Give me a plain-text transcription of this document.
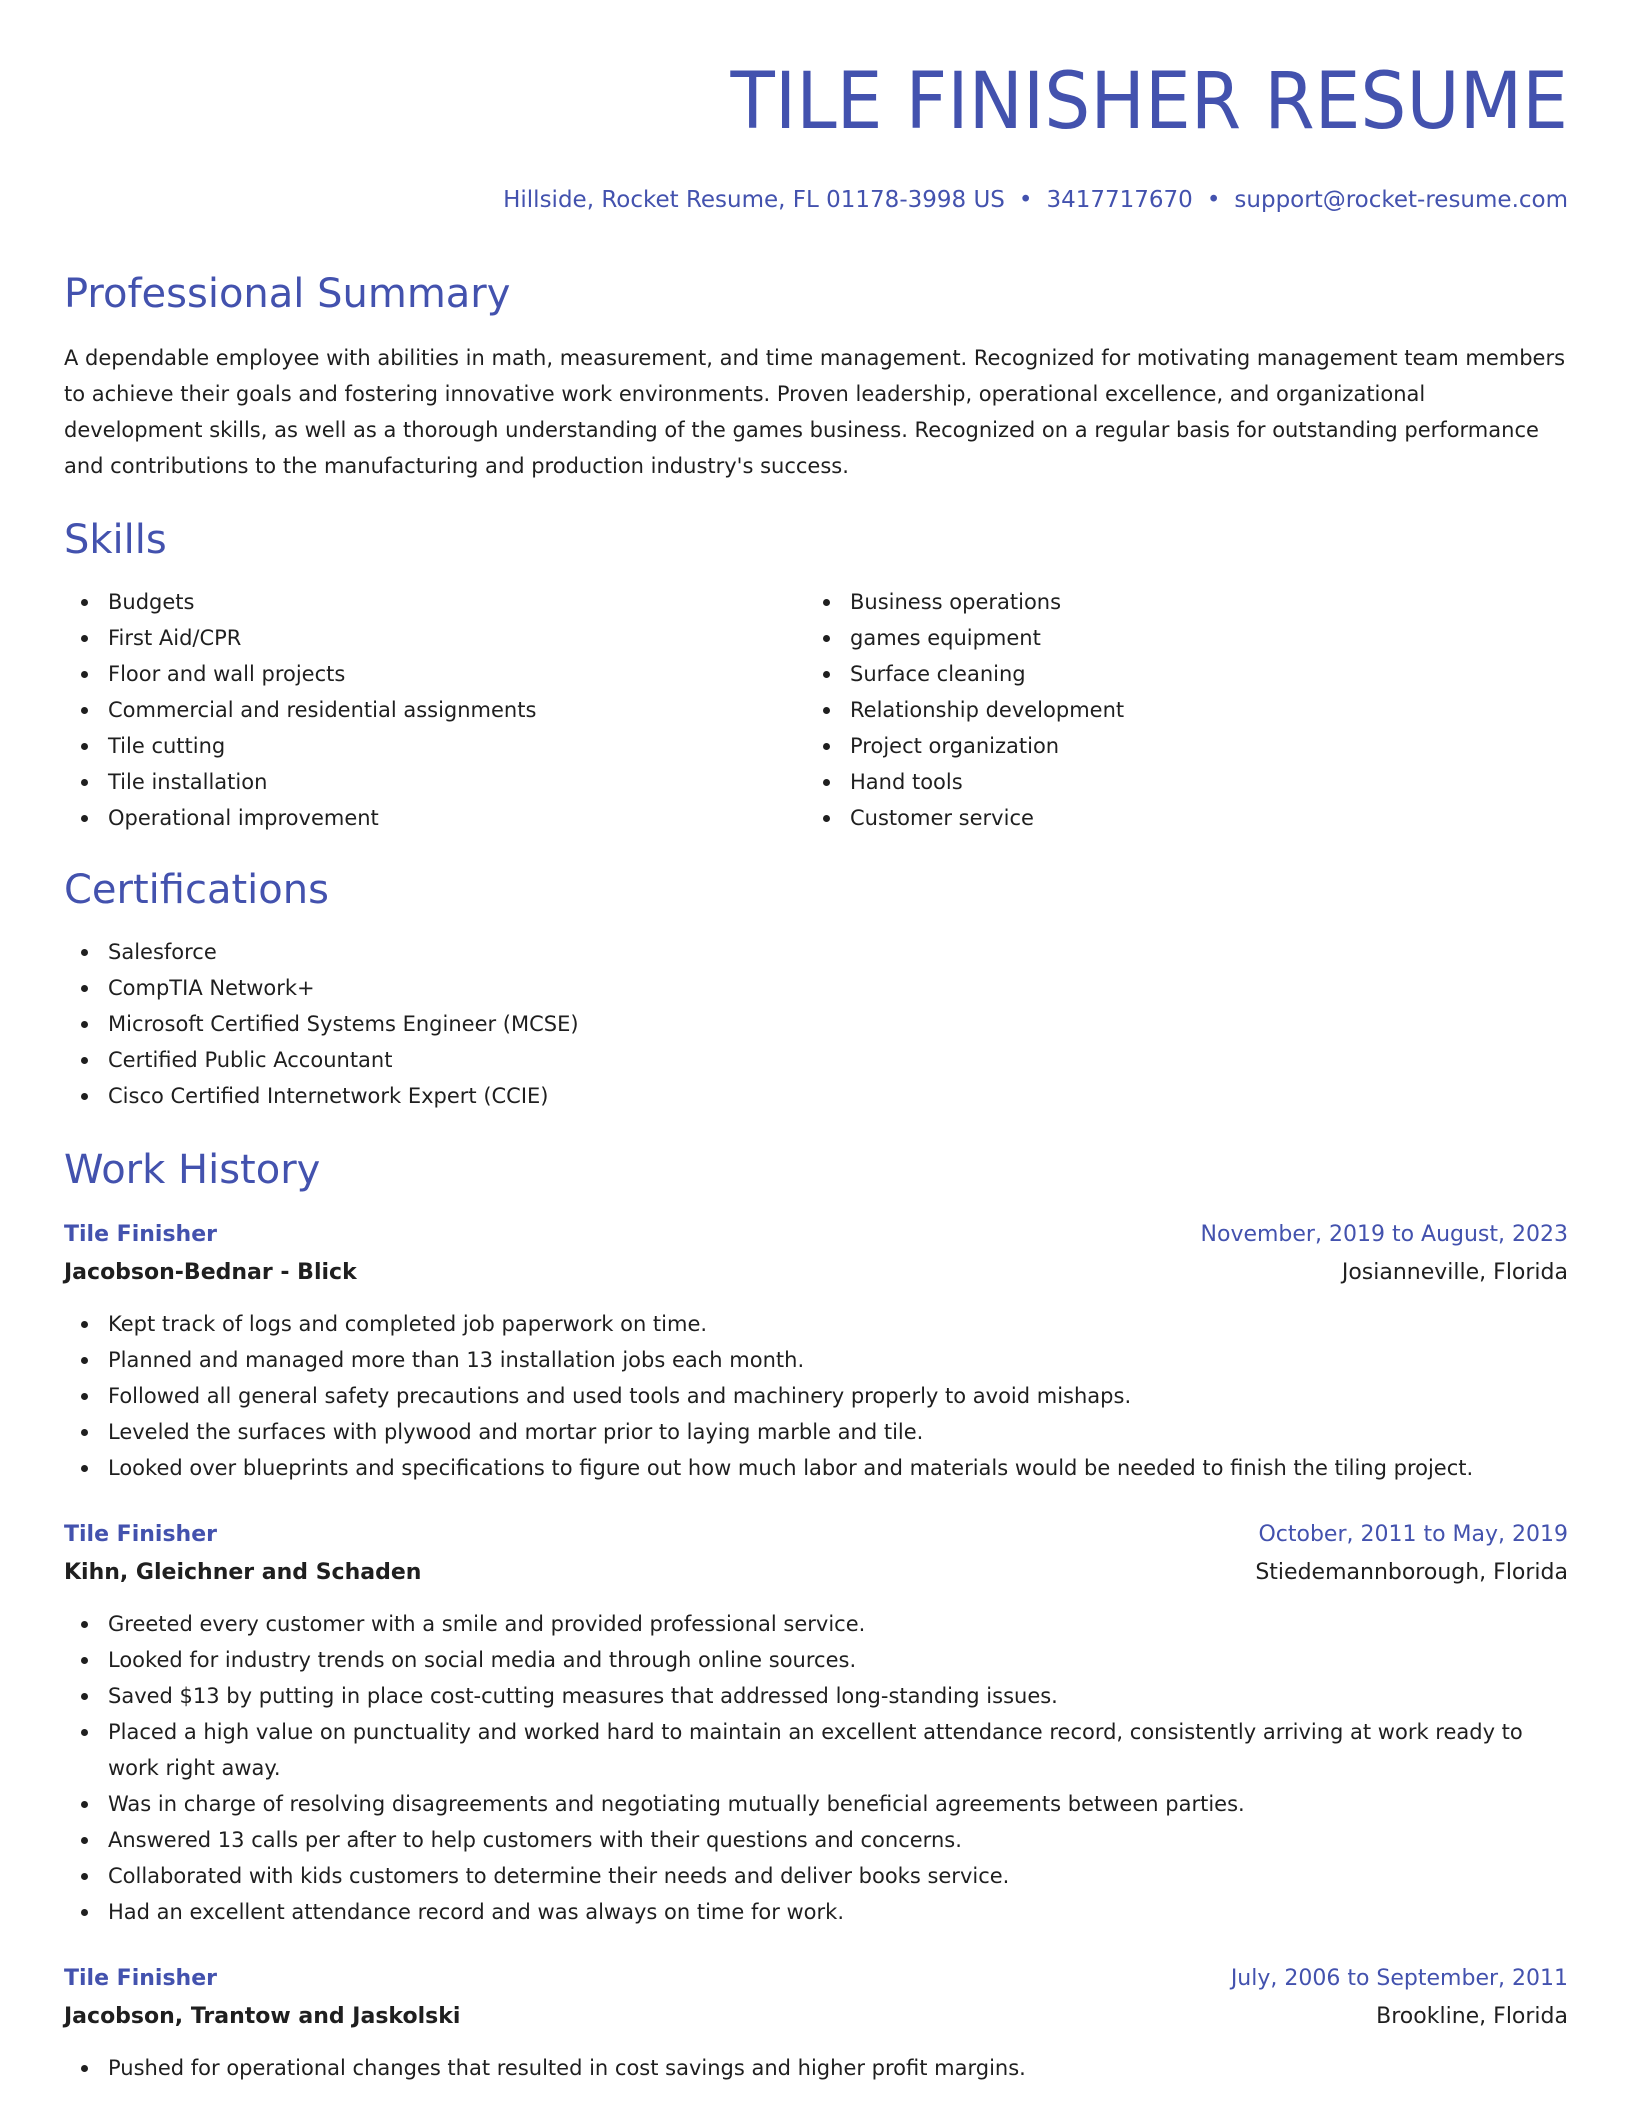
TILE FINISHER RESUME
Hillside, Rocket Resume, FL 01178-3998 US • 3417717670 • support@rocket-resume.com
Professional Summary

A dependable employee with abilities in math, measurement, and time management. Recognized for motivating management team members to achieve their goals and fostering innovative work environments. Proven leadership, operational excellence, and organizational development skills, as well as a thorough understanding of the games business. Recognized on a regular basis for outstanding performance and contributions to the manufacturing and production industry's success.

Skills
Budgets
First Aid/CPR
Floor and wall projects
Commercial and residential assignments
Tile cutting
Tile installation
Operational improvement
Business operations
games equipment
Surface cleaning
Relationship development
Project organization
Hand tools
Customer service
Certifications
Salesforce
CompTIA Network+
Microsoft Certified Systems Engineer (MCSE)
Certified Public Accountant
Cisco Certified Internetwork Expert (CCIE)
Work History
Tile Finisher	November, 2019 to August, 2023
Jacobson-Bednar - Blick	Josianneville, Florida
Kept track of logs and completed job paperwork on time.
Planned and managed more than 13 installation jobs each month.
Followed all general safety precautions and used tools and machinery properly to avoid mishaps.
Leveled the surfaces with plywood and mortar prior to laying marble and tile.
Looked over blueprints and specifications to figure out how much labor and materials would be needed to finish the tiling project.
Tile Finisher	October, 2011 to May, 2019
Kihn, Gleichner and Schaden	Stiedemannborough, Florida
Greeted every customer with a smile and provided professional service.
Looked for industry trends on social media and through online sources.
Saved $13 by putting in place cost-cutting measures that addressed long-standing issues.
Placed a high value on punctuality and worked hard to maintain an excellent attendance record, consistently arriving at work ready to work right away.
Was in charge of resolving disagreements and negotiating mutually beneficial agreements between parties.
Answered 13 calls per after to help customers with their questions and concerns.
Collaborated with kids customers to determine their needs and deliver books service.
Had an excellent attendance record and was always on time for work.
Tile Finisher	July, 2006 to September, 2011
Jacobson, Trantow and Jaskolski	Brookline, Florida
Pushed for operational changes that resulted in cost savings and higher profit margins.
